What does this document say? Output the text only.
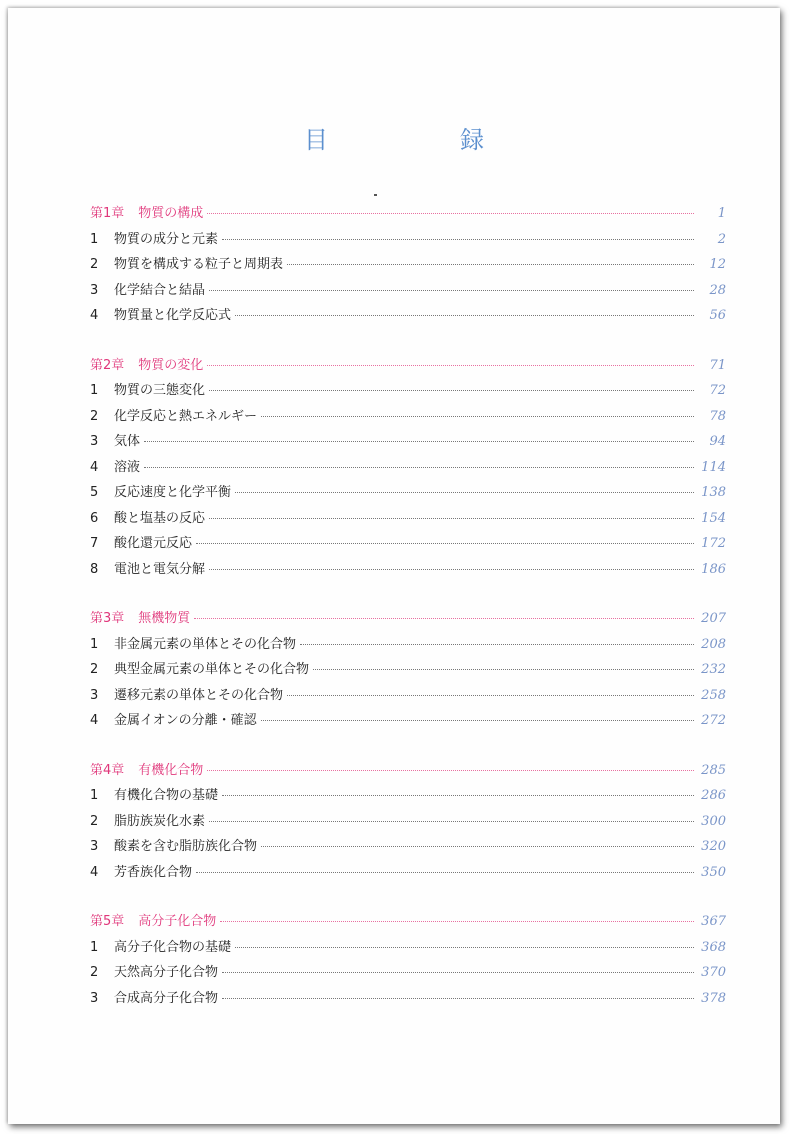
目　録
第1章 物質の構成	1
1	物質の成分と元素	2
2	物質を構成する粒子と周期表	12
3	化学結合と結晶	28
4	物質量と化学反応式	56
第2章 物質の変化	71
1	物質の三態変化	72
2	化学反応と熱エネルギー	78
3	気体	94
4	溶液	114
5	反応速度と化学平衡	138
6	酸と塩基の反応	154
7	酸化還元反応	172
8	電池と電気分解	186
第3章 無機物質	207
1	非金属元素の単体とその化合物	208
2	典型金属元素の単体とその化合物	232
3	遷移元素の単体とその化合物	258
4	金属イオンの分離・確認	272
第4章 有機化合物	285
1	有機化合物の基礎	286
2	脂肪族炭化水素	300
3	酸素を含む脂肪族化合物	320
4	芳香族化合物	350
第5章 高分子化合物	367
1	高分子化合物の基礎	368
2	天然高分子化合物	370
3	合成高分子化合物	378
